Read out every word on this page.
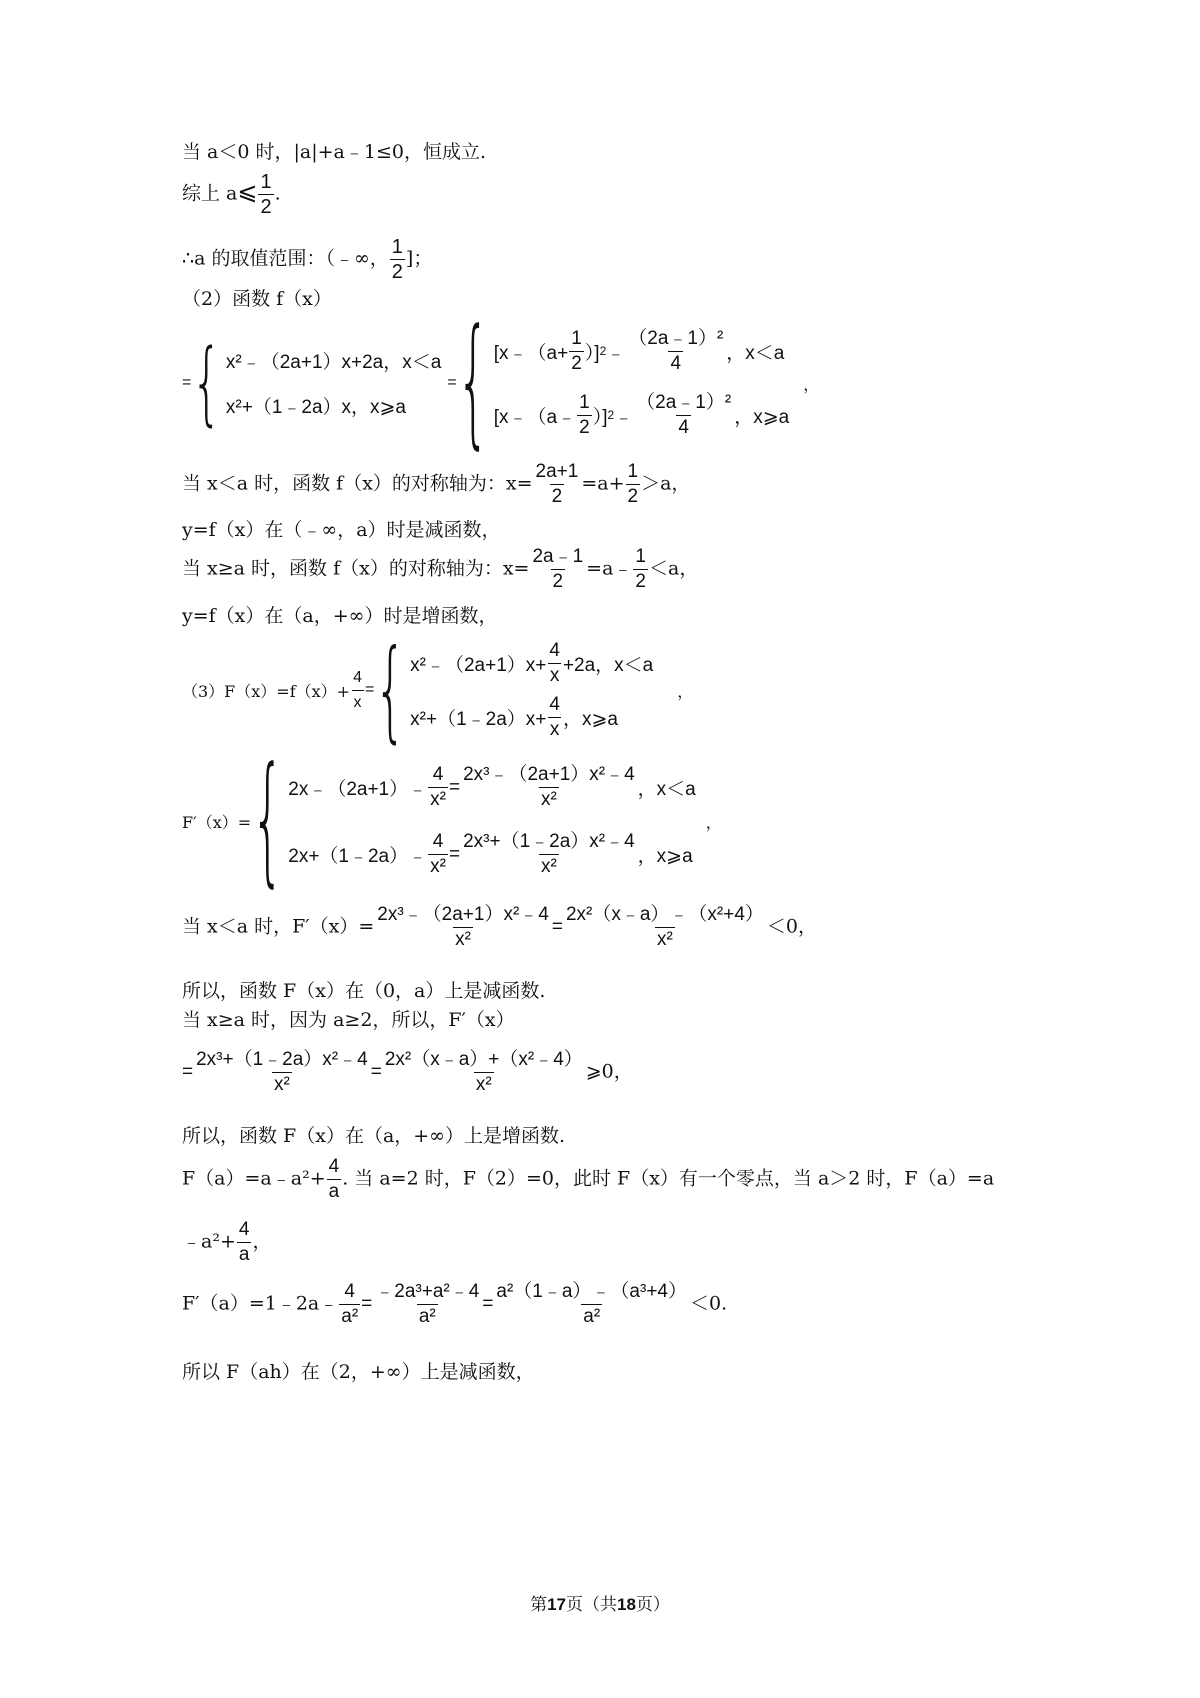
当 a＜0 时，|a|+a﹣1≤0，恒成立.
综上 a⩽ $\frac{1}{2}$ .
∴a 的取值范围：（﹣∞， $\frac{1}{2}$ ]；
（2）函数 f（x）
= { x²﹣（2a+1）x+2a，x＜a
x²+（1﹣2a）x，x⩾a
= { [x﹣（a+ $\frac{1}{2}$ ）] 2 ﹣ $\frac{\text{（2a﹣1）²}}{4}$ ，x＜a
[x﹣（a﹣ $\frac{1}{2}$ ）] 2 ﹣ $\frac{\text{（2a﹣1）²}}{4}$ ，x⩾a
，
当 x＜a 时，函数 f（x）的对称轴为：$x= \frac{2a+1}{2} =a+ \frac{1}{2} >a$，
y=f（x）在（﹣∞，a）时是减函数，
当 x≥a 时，函数 f（x）的对称轴为：$x= \frac{2a﹣1}{2}$ =a﹣ $\frac{1}{2} <a$，
y=f（x）在（a，+∞）时是增函数，
$(3)F(x)=f(x)+ \frac{4}{x}$ = { x²﹣（2a+1）x+ $\frac{4}{x} +2a$，x＜a
x²+（1﹣2a）x+ $\frac{4}{x}$ ，x⩾a
，
F′（x）= { 2x﹣（2a+1）﹣ $\frac{4}{\text{x²}} = \frac{\text{2x³﹣（2a+1）x²﹣4}}{\text{x²}}$ ，x＜a
2x+（1﹣2a）﹣ $\frac{4}{\text{x²}} = \frac{\text{2x³+（1﹣2a）x²﹣4}}{\text{x²}}$ ，x⩾a
，
当 x＜a 时，$F'(x)= \frac{\text{2x³﹣（2a+1）x²﹣4}}{\text{x²}} = \frac{\text{2x²（x﹣a）﹣（x²+4）}}{\text{x²}} <0$，
所以，函数 F（x）在（0，a）上是减函数.
当 x≥a 时，因为 a≥2，所以，F′（x）
= $\frac{\text{2x³+（1﹣2a）x²﹣4}}{\text{x²}} = \frac{\text{2x²（x﹣a）+（x²﹣4）}}{\text{x²}}$ ⩾0，
所以，函数 F（x）在（a，+∞）上是增函数.
F（a）=a﹣a²+ $\frac{4}{a}$ . 当 a=2 时，F（2）=0，此时 F（x）有一个零点，当 a＞2 时，F（a）=a
﹣a²+ $\frac{4}{a}$ ，
F′（a）=1﹣2a﹣ $\frac{4}{\text{a²}} = \frac{\text{﹣2a³+a²﹣4}}{\text{a²}} = \frac{\text{a²（1﹣a）﹣（a³+4）}}{\text{a²}} <0$.
所以 F（ah）在（2，+∞）上是减函数，
第17页（共18页）
